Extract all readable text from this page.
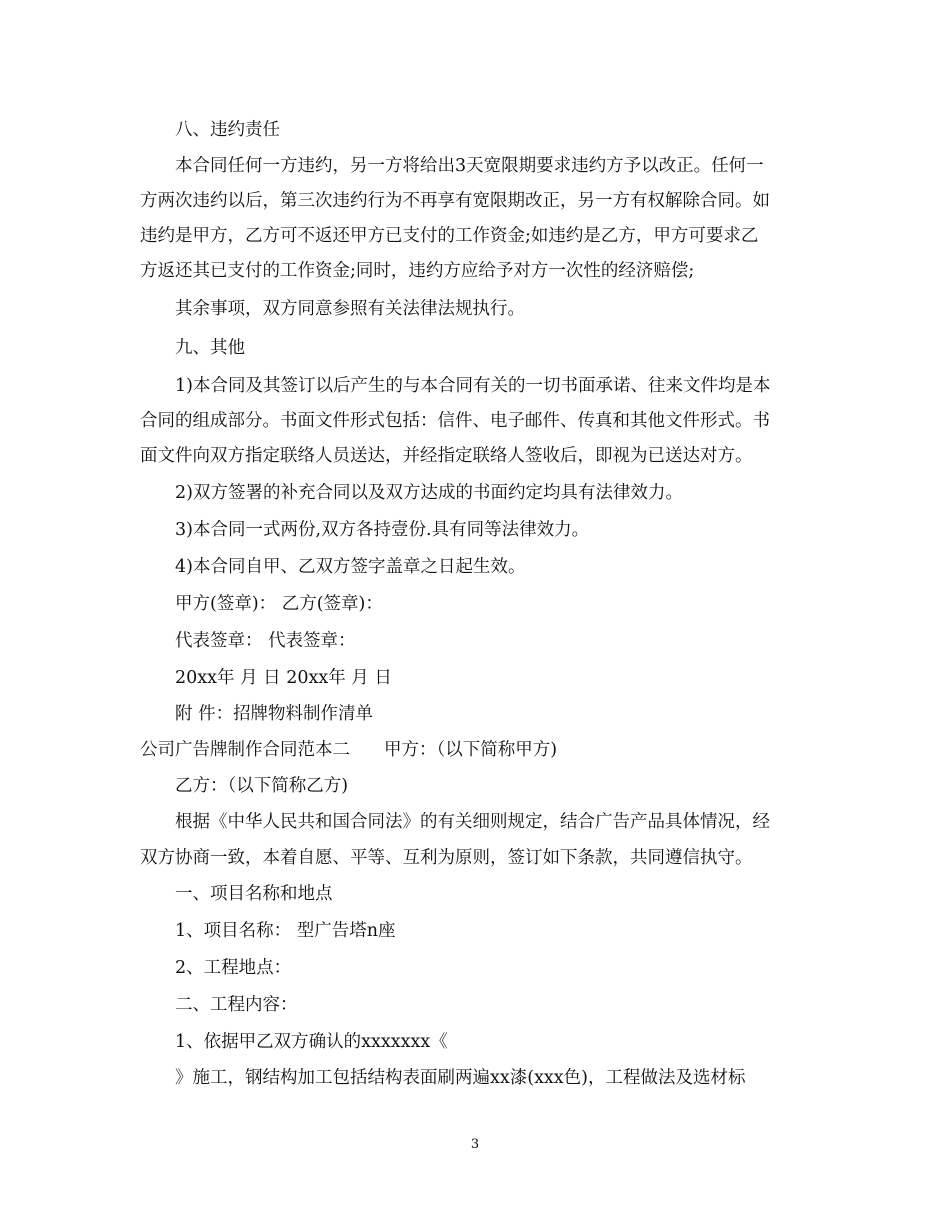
八、违约责任
本合同任何一方违约，另一方将给出3天宽限期要求违约方予以改正。任何一
方两次违约以后，第三次违约行为不再享有宽限期改正，另一方有权解除合同。如
违约是甲方，乙方可不返还甲方已支付的工作资金;如违约是乙方，甲方可要求乙
方返还其已支付的工作资金;同时，违约方应给予对方一次性的经济赔偿;
其余事项，双方同意参照有关法律法规执行。
九、其他
1)本合同及其签订以后产生的与本合同有关的一切书面承诺、往来文件均是本
合同的组成部分。书面文件形式包括：信件、电子邮件、传真和其他文件形式。书
面文件向双方指定联络人员送达，并经指定联络人签收后，即视为已送达对方。
2)双方签署的补充合同以及双方达成的书面约定均具有法律效力。
3)本合同一式两份,双方各持壹份.具有同等法律效力。
4)本合同自甲、乙双方签字盖章之日起生效。
甲方(签章)： 乙方(签章)：
代表签章： 代表签章：
20xx年 月 日 20xx年 月 日
附 件：招牌物料制作清单
公司广告牌制作合同范本二 甲方：（以下简称甲方)
乙方：（以下简称乙方)
根据《中华人民共和国合同法》的有关细则规定，结合广告产品具体情况，经
双方协商一致，本着自愿、平等、互利为原则，签订如下条款，共同遵信执守。
一、项目名称和地点
1、项目名称： 型广告塔n座
2、工程地点：
二、工程内容：
1、依据甲乙双方确认的xxxxxxx《
》施工，钢结构加工包括结构表面刷两遍xx漆(xxx色)，工程做法及选材标
3
